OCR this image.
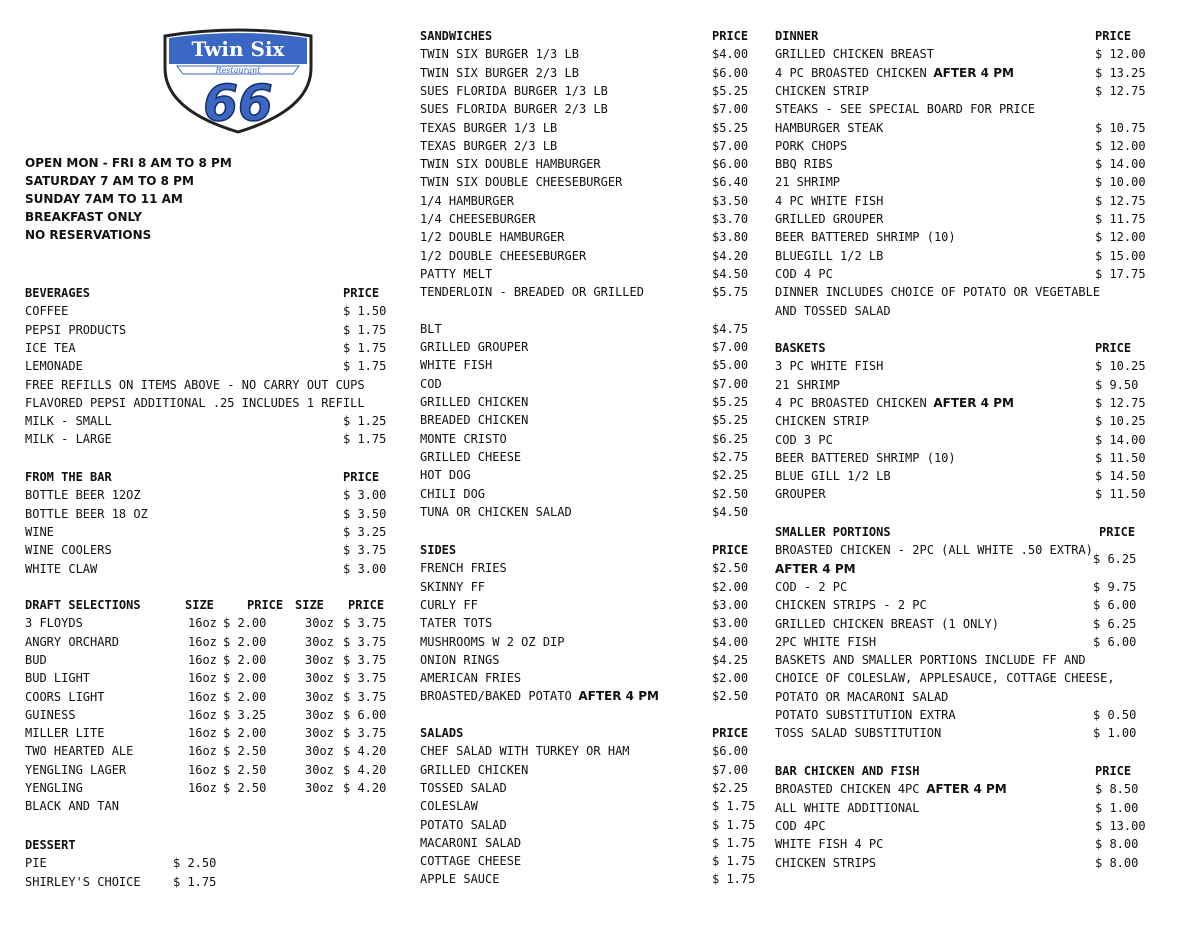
Twin Six
Restaurant
66
OPEN MON - FRI 8 AM TO 8 PM
SATURDAY 7 AM TO 8 PM
SUNDAY 7AM TO 11 AM
BREAKFAST ONLY
NO RESERVATIONS
BEVERAGES	PRICE
COFFEE	$ 1.50
PEPSI PRODUCTS	$ 1.75
ICE TEA	$ 1.75
LEMONADE	$ 1.75
FREE REFILLS ON ITEMS ABOVE - NO CARRY OUT CUPS
FLAVORED PEPSI ADDITIONAL .25 INCLUDES 1 REFILL
MILK - SMALL	$ 1.25
MILK - LARGE	$ 1.75
FROM THE BAR	PRICE
BOTTLE BEER 12OZ	$ 3.00
BOTTLE BEER 18 OZ	$ 3.50
WINE	$ 3.25
WINE COOLERS	$ 3.75
WHITE CLAW	$ 3.00
DESSERT
PIE	$ 2.50
SHIRLEY'S CHOICE	$ 1.75
DRAFT SELECTIONS	SIZE	PRICE SIZE PRICE
3 FLOYDS	16oz $ 2.00	30oz $ 3.75
ANGRY ORCHARD	16oz $ 2.00	30oz $ 3.75
BUD	16oz $ 2.00	30oz $ 3.75
BUD LIGHT	16oz $ 2.00	30oz $ 3.75
COORS LIGHT	16oz $ 2.00	30oz $ 3.75
GUINESS	16oz $ 3.25	30oz $ 6.00
MILLER LITE	16oz $ 2.00	30oz $ 3.75
TWO HEARTED ALE	16oz $ 2.50	30oz $ 4.20
YENGLING LAGER	16oz $ 2.50	30oz $ 4.20
YENGLING	16oz $ 2.50	30oz $ 4.20
BLACK AND TAN
SANDWICHES	PRICE
TWIN SIX BURGER 1/3 LB	$4.00
TWIN SIX BURGER 2/3 LB	$6.00
SUES FLORIDA BURGER 1/3 LB	$5.25
SUES FLORIDA BURGER 2/3 LB	$7.00
TEXAS BURGER 1/3 LB	$5.25
TEXAS BURGER 2/3 LB	$7.00
TWIN SIX DOUBLE HAMBURGER	$6.00
TWIN SIX DOUBLE CHEESEBURGER	$6.40
1/4 HAMBURGER	$3.50
1/4 CHEESEBURGER	$3.70
1/2 DOUBLE HAMBURGER	$3.80
1/2 DOUBLE CHEESEBURGER	$4.20
PATTY MELT	$4.50
TENDERLOIN - BREADED OR GRILLED	$5.75
BLT	$4.75
GRILLED GROUPER	$7.00
WHITE FISH	$5.00
COD	$7.00
GRILLED CHICKEN	$5.25
BREADED CHICKEN	$5.25
MONTE CRISTO	$6.25
GRILLED CHEESE	$2.75
HOT DOG	$2.25
CHILI DOG	$2.50
TUNA OR CHICKEN SALAD	$4.50
SIDES	PRICE
FRENCH FRIES	$2.50
SKINNY FF	$2.00
CURLY FF	$3.00
TATER TOTS	$3.00
MUSHROOMS W 2 OZ DIP	$4.00
ONION RINGS	$4.25
AMERICAN FRIES	$2.00
BROASTED/BAKED POTATO AFTER 4 PM	$2.50
SALADS	PRICE
CHEF SALAD WITH TURKEY OR HAM	$6.00
GRILLED CHICKEN	$7.00
TOSSED SALAD	$2.25
COLESLAW	$ 1.75
POTATO SALAD	$ 1.75
MACARONI SALAD	$ 1.75
COTTAGE CHEESE	$ 1.75
APPLE SAUCE	$ 1.75
DINNER	PRICE
GRILLED CHICKEN BREAST	$ 12.00
4 PC BROASTED CHICKEN AFTER 4 PM	$ 13.25
CHICKEN STRIP	$ 12.75
STEAKS - SEE SPECIAL BOARD FOR PRICE
HAMBURGER STEAK	$ 10.75
PORK CHOPS	$ 12.00
BBQ RIBS	$ 14.00
21 SHRIMP	$ 10.00
4 PC WHITE FISH	$ 12.75
GRILLED GROUPER	$ 11.75
BEER BATTERED SHRIMP (10)	$ 12.00
BLUEGILL 1/2 LB	$ 15.00
COD 4 PC	$ 17.75
DINNER INCLUDES CHOICE OF POTATO OR VEGETABLE
AND TOSSED SALAD
BASKETS	PRICE
3 PC WHITE FISH	$ 10.25
21 SHRIMP	$ 9.50
4 PC BROASTED CHICKEN AFTER 4 PM	$ 12.75
CHICKEN STRIP	$ 10.25
COD 3 PC	$ 14.00
BEER BATTERED SHRIMP (10)	$ 11.50
BLUE GILL 1/2 LB	$ 14.50
GROUPER	$ 11.50
SMALLER PORTIONS	PRICE
BROASTED CHICKEN - 2PC (ALL WHITE .50 EXTRA)
AFTER 4 PM
$ 6.25
COD - 2 PC	$ 9.75
CHICKEN STRIPS - 2 PC	$ 6.00
GRILLED CHICKEN BREAST (1 ONLY)	$ 6.25
2PC WHITE FISH	$ 6.00
BASKETS AND SMALLER PORTIONS INCLUDE FF AND
CHOICE OF COLESLAW, APPLESAUCE, COTTAGE CHEESE,
POTATO OR MACARONI SALAD
POTATO SUBSTITUTION EXTRA	$ 0.50
TOSS SALAD SUBSTITUTION	$ 1.00
BAR CHICKEN AND FISH	PRICE
BROASTED CHICKEN 4PC AFTER 4 PM	$ 8.50
ALL WHITE ADDITIONAL	$ 1.00
COD 4PC	$ 13.00
WHITE FISH 4 PC	$ 8.00
CHICKEN STRIPS	$ 8.00
